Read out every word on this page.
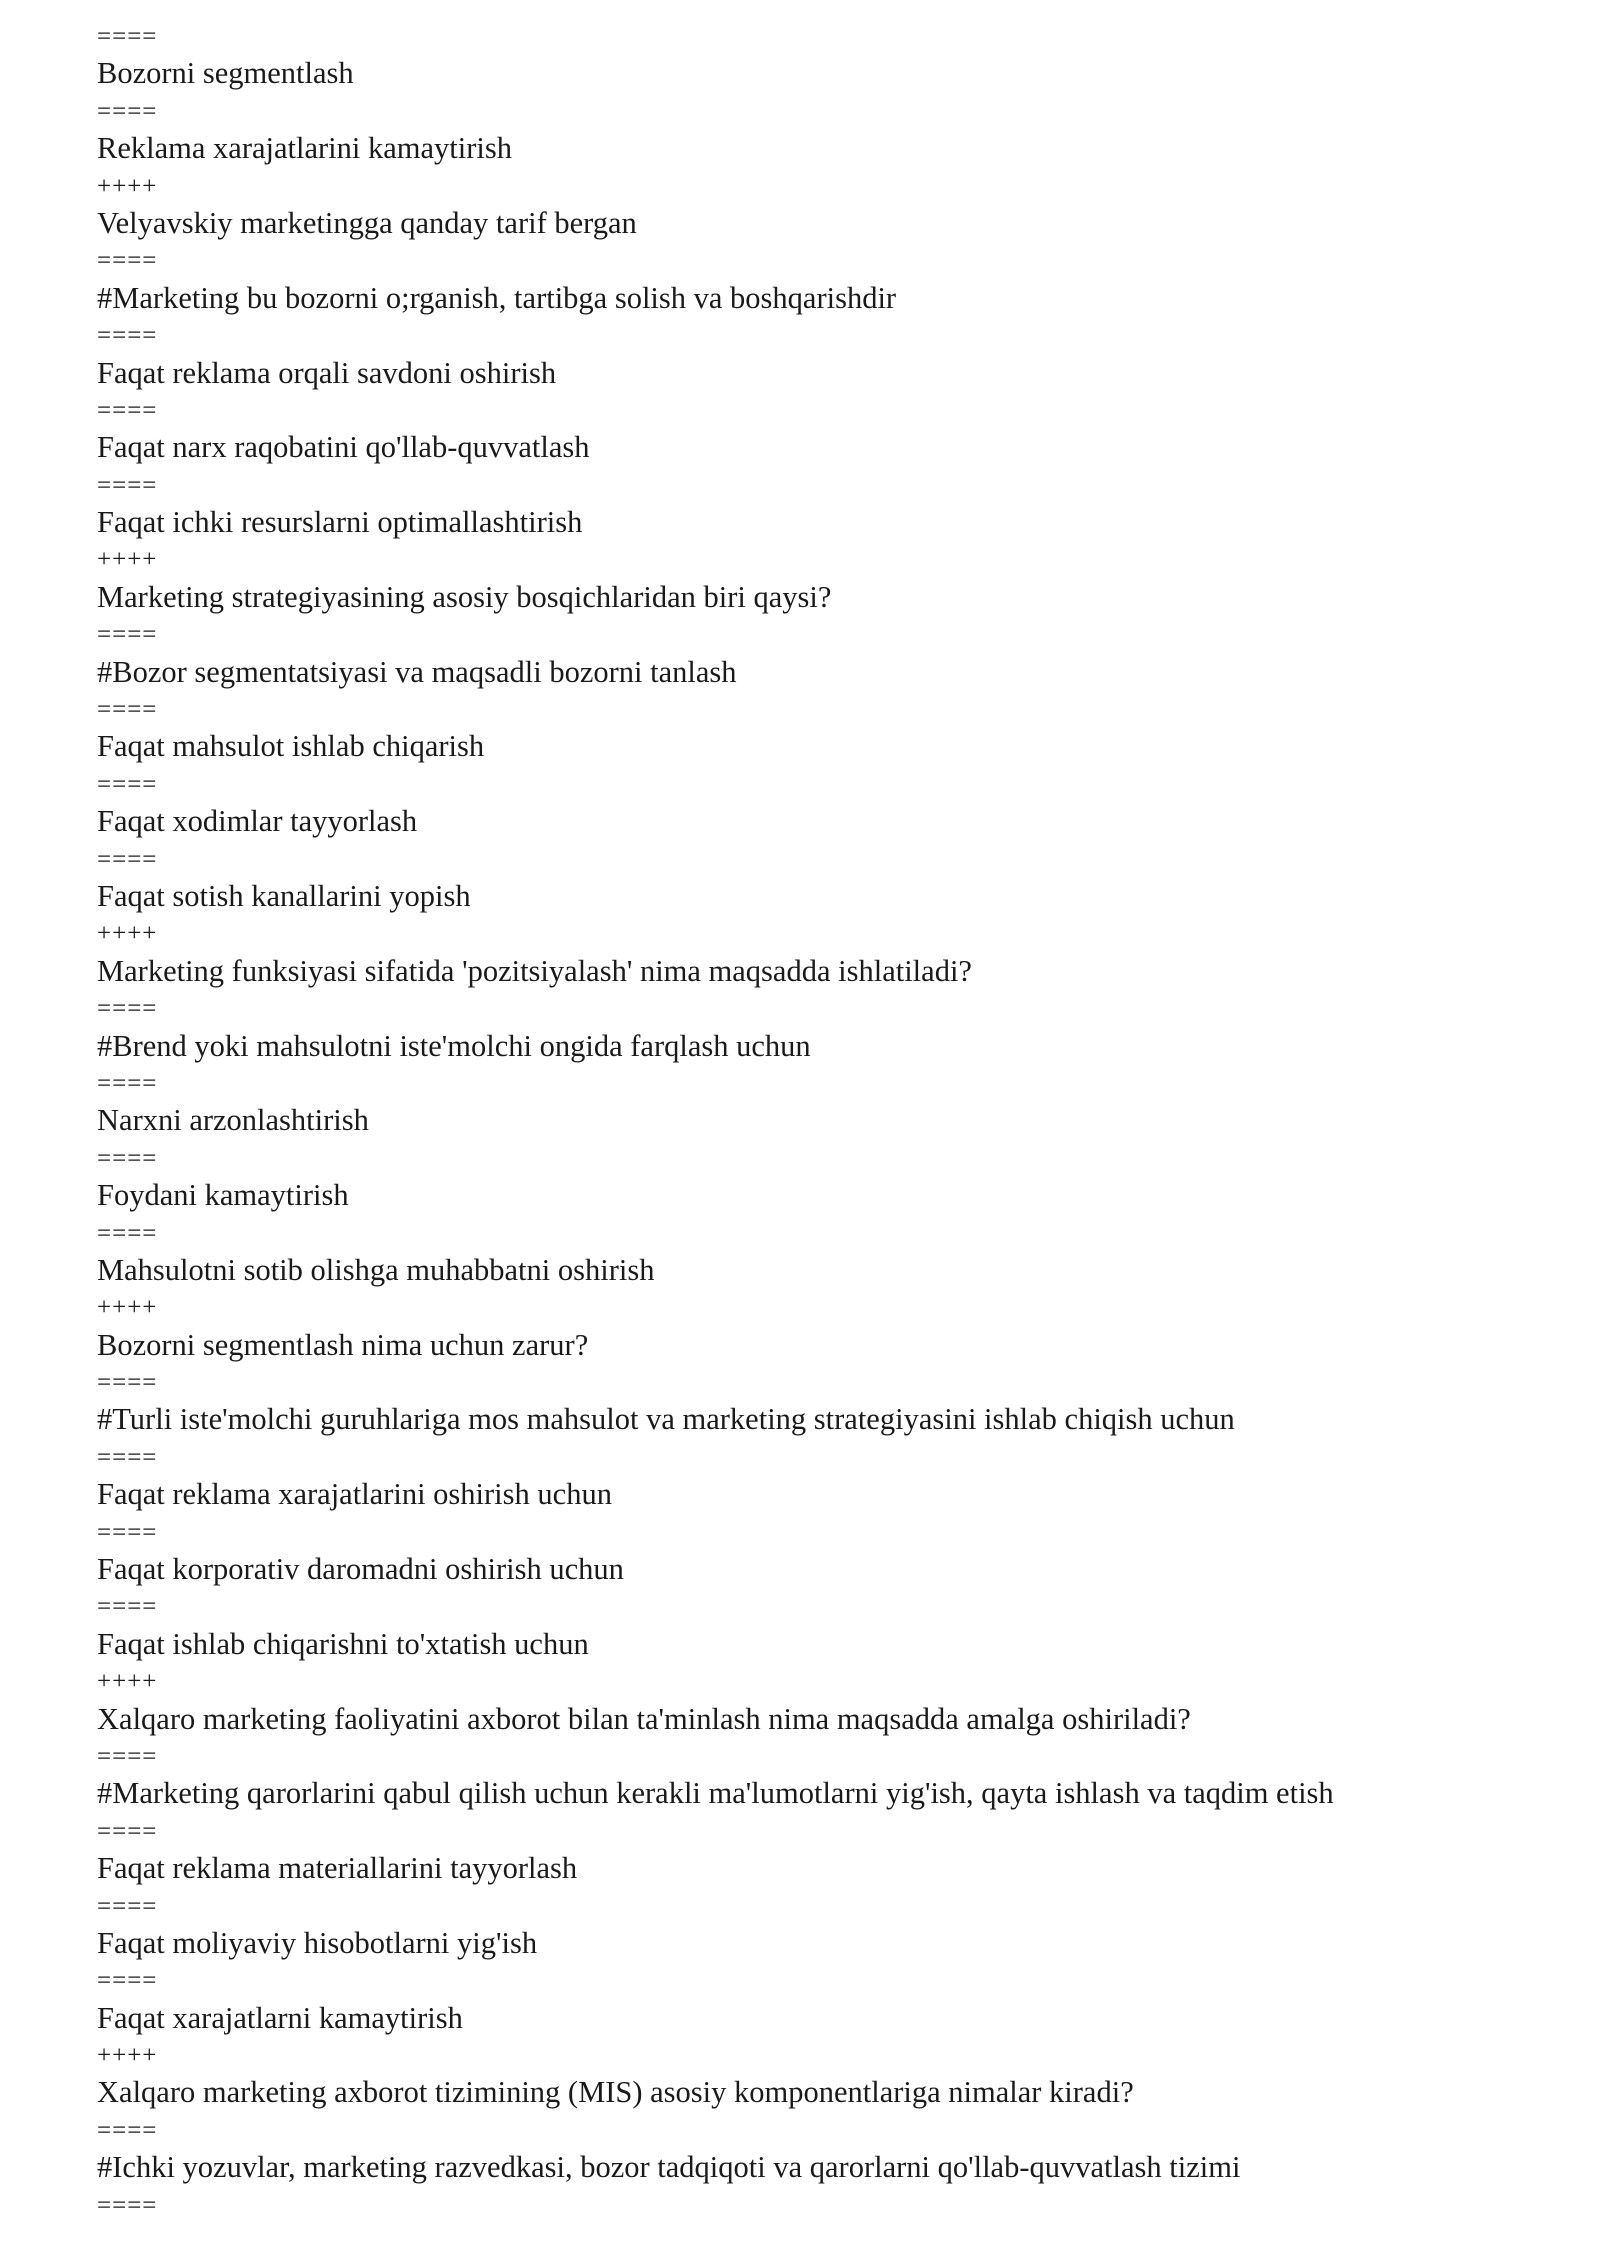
====
Bozorni segmentlash
====
Reklama xarajatlarini kamaytirish
++++
Velyavskiy marketingga qanday tarif bergan
====
#Marketing bu bozorni o;rganish, tartibga solish va boshqarishdir
====
Faqat reklama orqali savdoni oshirish
====
Faqat narx raqobatini qo'llab-quvvatlash
====
Faqat ichki resurslarni optimallashtirish
++++
Marketing strategiyasining asosiy bosqichlaridan biri qaysi?
====
#Bozor segmentatsiyasi va maqsadli bozorni tanlash
====
Faqat mahsulot ishlab chiqarish
====
Faqat xodimlar tayyorlash
====
Faqat sotish kanallarini yopish
++++
Marketing funksiyasi sifatida 'pozitsiyalash' nima maqsadda ishlatiladi?
====
#Brend yoki mahsulotni iste'molchi ongida farqlash uchun
====
Narxni arzonlashtirish
====
Foydani kamaytirish
====
Mahsulotni sotib olishga muhabbatni oshirish
++++
Bozorni segmentlash nima uchun zarur?
====
#Turli iste'molchi guruhlariga mos mahsulot va marketing strategiyasini ishlab chiqish uchun
====
Faqat reklama xarajatlarini oshirish uchun
====
Faqat korporativ daromadni oshirish uchun
====
Faqat ishlab chiqarishni to'xtatish uchun
++++
Xalqaro marketing faoliyatini axborot bilan ta'minlash nima maqsadda amalga oshiriladi?
====
#Marketing qarorlarini qabul qilish uchun kerakli ma'lumotlarni yig'ish, qayta ishlash va taqdim etish
====
Faqat reklama materiallarini tayyorlash
====
Faqat moliyaviy hisobotlarni yig'ish
====
Faqat xarajatlarni kamaytirish
++++
Xalqaro marketing axborot tizimining (MIS) asosiy komponentlariga nimalar kiradi?
====
#Ichki yozuvlar, marketing razvedkasi, bozor tadqiqoti va qarorlarni qo'llab-quvvatlash tizimi
====
